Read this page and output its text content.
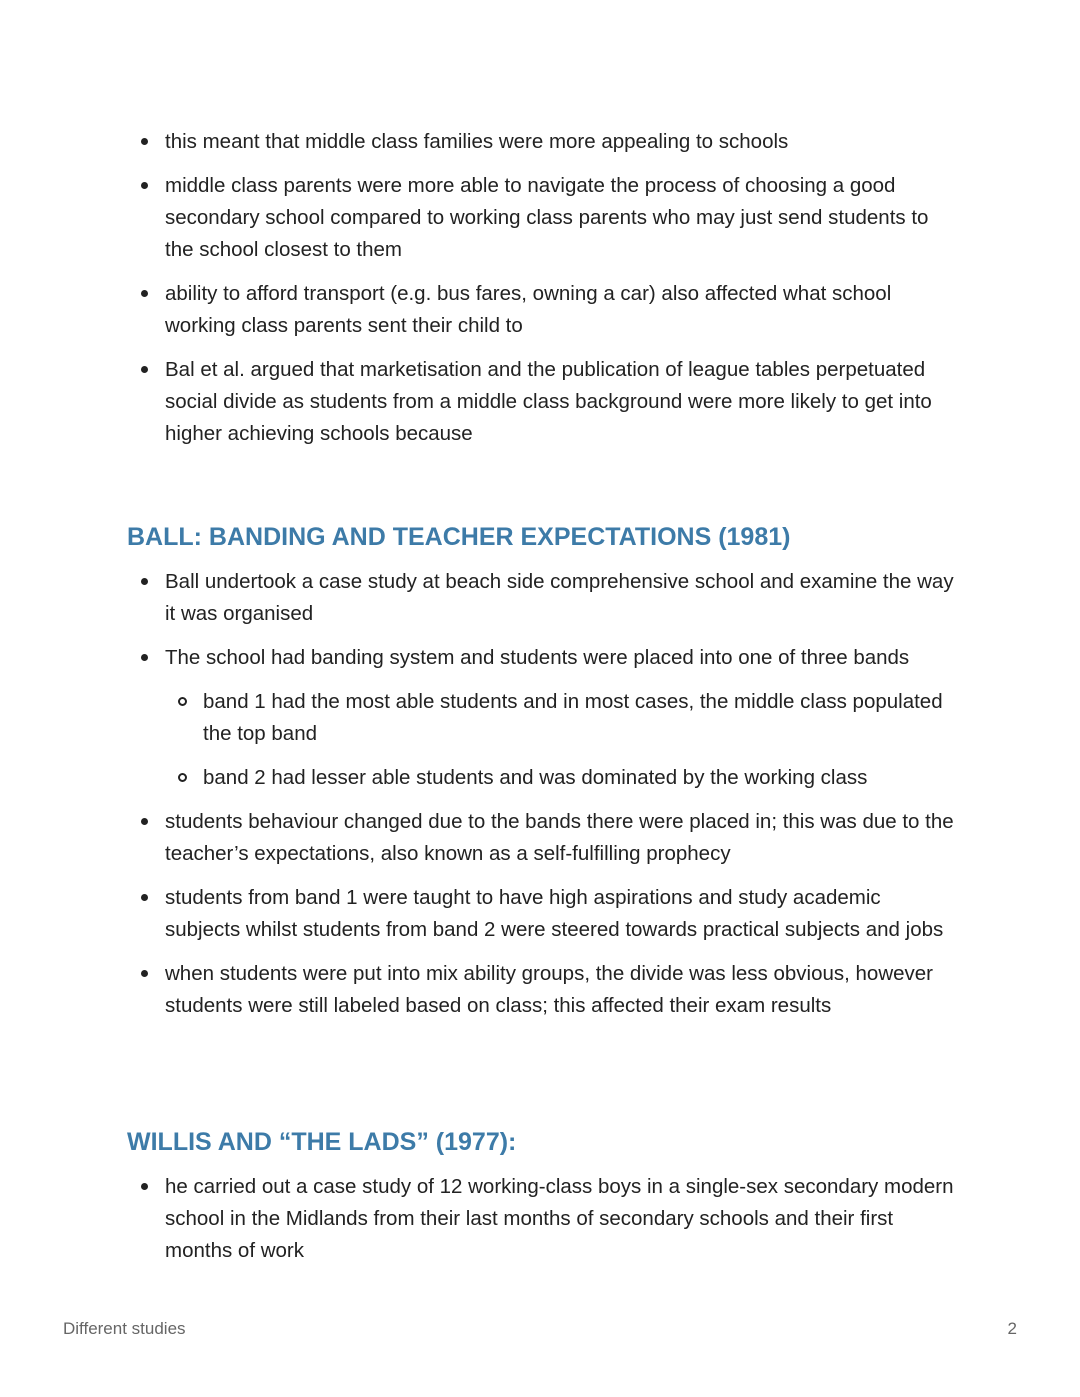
this meant that middle class families were more appealing to schools
middle class parents were more able to navigate the process of choosing a good secondary school compared to working class parents who may just send students to the school closest to them
ability to afford transport (e.g. bus fares, owning a car) also affected what school working class parents sent their child to
Bal et al. argued that marketisation and the publication of league tables perpetuated social divide as students from a middle class background were more likely to get into higher achieving schools because
BALL: BANDING AND TEACHER EXPECTATIONS (1981)
Ball undertook a case study at beach side comprehensive school and examine the way it was organised
The school had banding system and students were placed into one of three bands
band 1 had the most able students and in most cases, the middle class populated the top band
band 2 had lesser able students and was dominated by the working class
students behaviour changed due to the bands there were placed in; this was due to the teacher’s expectations, also known as a self-fulfilling prophecy
students from band 1 were taught to have high aspirations and study academic subjects whilst students from band 2 were steered towards practical subjects and jobs
when students were put into mix ability groups, the divide was less obvious, however students were still labeled based on class; this affected their exam results
WILLIS AND “THE LADS” (1977):
he carried out a case study of 12 working-class boys in a single-sex secondary modern school in the Midlands from their last months of secondary schools and their first months of work
Different studies	2
